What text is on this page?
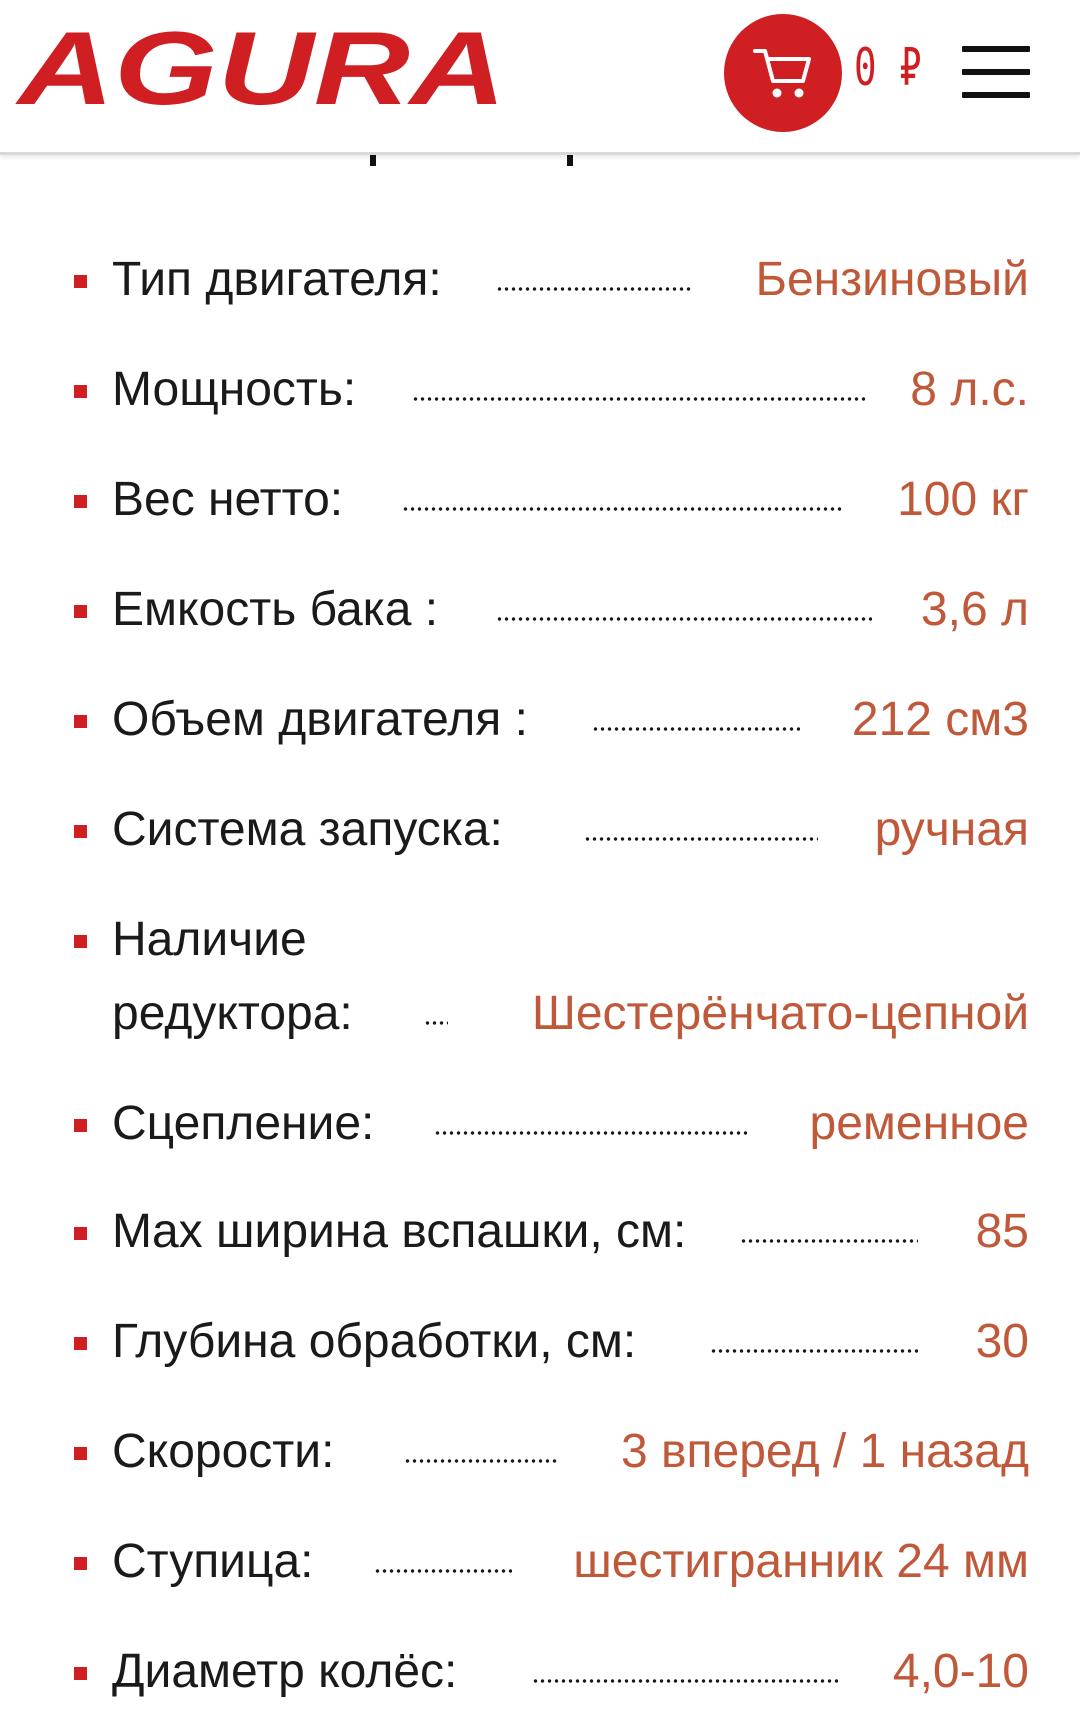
AGURA	0 ₽
Тип двигателя:	Бензиновый
Мощность:	8 л.с.
Вес нетто:	100 кг
Емкость бака :	3,6 л
Объем двигателя :	212 см3
Система запуска:	ручная
Наличие
редуктора:	Шестерёнчато-цепной
Сцепление:	ременное
Max ширина вспашки, см:	85
Глубина обработки, см:	30
Скорости:	3 вперед / 1 назад
Ступица:	шестигранник 24 мм
Диаметр колёс:	4,0-10
